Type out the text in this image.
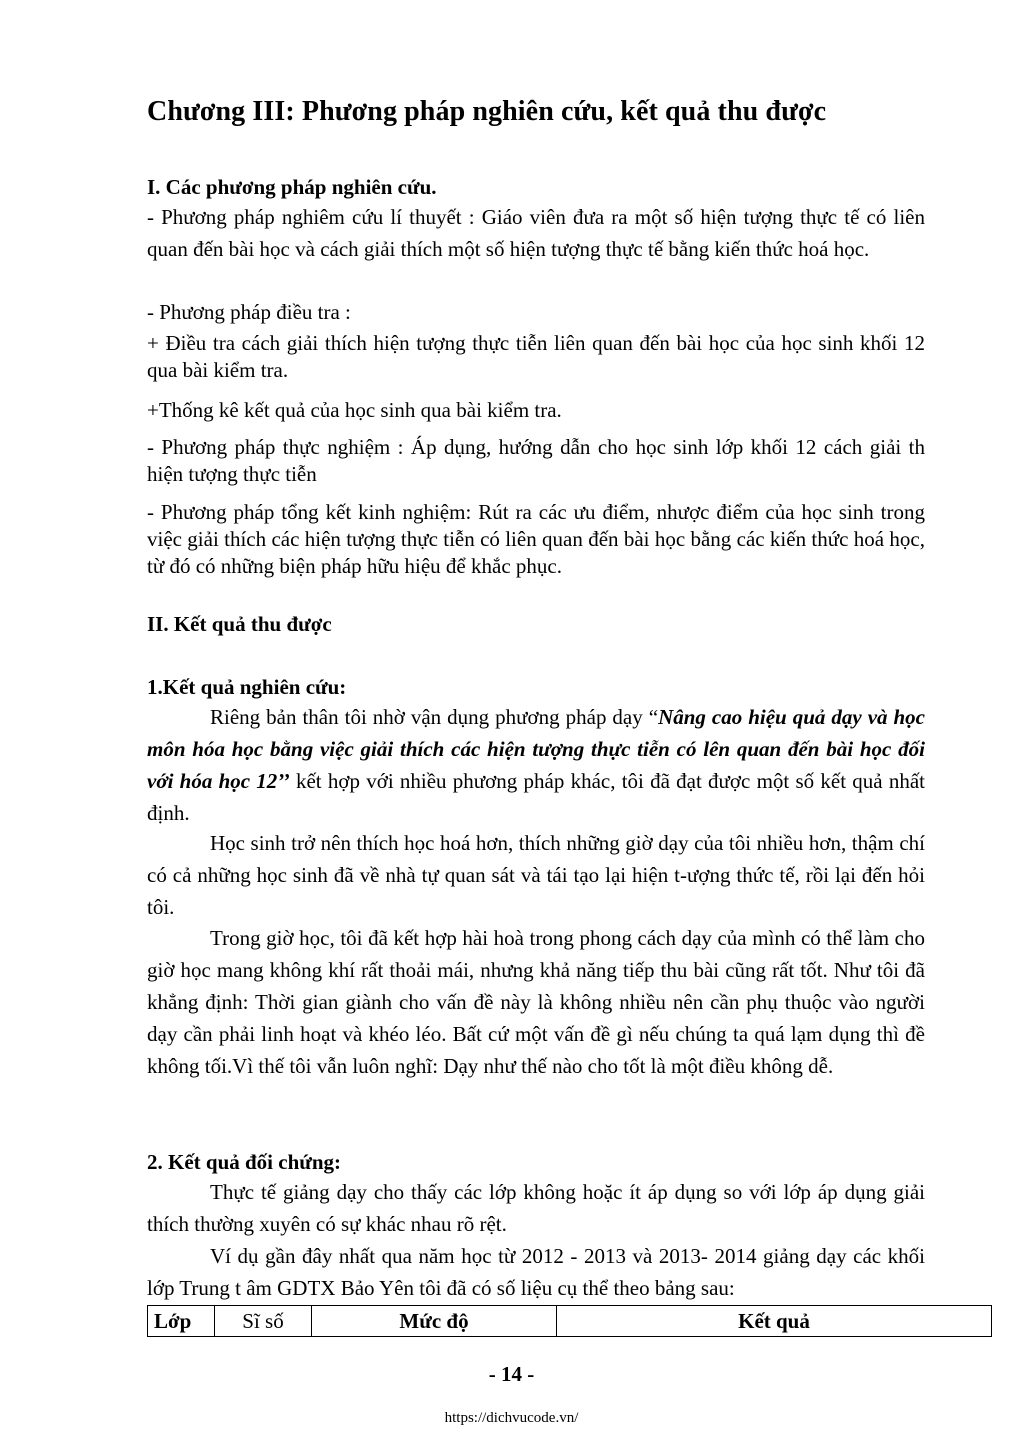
Chương III: Phương pháp nghiên cứu, kết quả thu được

I. Các phương pháp nghiên cứu.

- Phương pháp nghiêm cứu lí thuyết : Giáo viên đưa ra một số hiện tượng thực tế có liên quan đến bài học và cách giải thích một số hiện tượng thực tế bằng kiến thức hoá học.

- Phương pháp điều tra :

+ Điều tra cách giải thích hiện tượng thực tiễn liên quan đến bài học của học sinh khối 12 qua bài kiểm tra.

+Thống kê kết quả của học sinh qua bài kiểm tra.

- Phương pháp thực nghiệm : Áp dụng, hướng dẫn cho học sinh lớp khối 12 cách giải th hiện tượng thực tiễn

- Phương pháp tổng kết kinh nghiệm: Rút ra các ưu điểm, nhược điểm của học sinh trong việc giải thích các hiện tượng thực tiễn có liên quan đến bài học bằng các kiến thức hoá học, từ đó có những biện pháp hữu hiệu để khắc phục.

II. Kết quả thu được

1.Kết quả nghiên cứu:

Riêng bản thân tôi nhờ vận dụng phương pháp dạy “Nâng cao hiệu quả dạy và học môn hóa học bằng việc giải thích các hiện tượng thực tiễn có lên quan đến bài học đối với hóa học 12’’ kết hợp với nhiều phương pháp khác, tôi đã đạt được một số kết quả nhất định.

Học sinh trở nên thích học hoá hơn, thích những giờ dạy của tôi nhiều hơn, thậm chí có cả những học sinh đã về nhà tự quan sát và tái tạo lại hiện t-ượng thức tế, rồi lại đến hỏi tôi.

Trong giờ học, tôi đã kết hợp hài hoà trong phong cách dạy của mình có thể làm cho giờ học mang không khí rất thoải mái, nhưng khả năng tiếp thu bài cũng rất tốt. Như tôi đã khẳng định: Thời gian giành cho vấn đề này là không nhiều nên cần phụ thuộc vào người dạy cần phải linh hoạt và khéo léo. Bất cứ một vấn đề gì nếu chúng ta quá lạm dụng thì đề không tối.Vì thế tôi vẫn luôn nghĩ: Dạy như thế nào cho tốt là một điều không dễ.

2. Kết quả đối chứng:

Thực tế giảng dạy cho thấy các lớp không hoặc ít áp dụng so với lớp áp dụng giải thích thường xuyên có sự khác nhau rõ rệt.

Ví dụ gần đây nhất qua năm học từ 2012 - 2013 và 2013- 2014 giảng dạy các khối lớp Trung t âm GDTX Bảo Yên tôi đã có số liệu cụ thể theo bảng sau:

Lớp	Sĩ số	Mức độ	Kết quả
- 14 -
https://dichvucode.vn/
